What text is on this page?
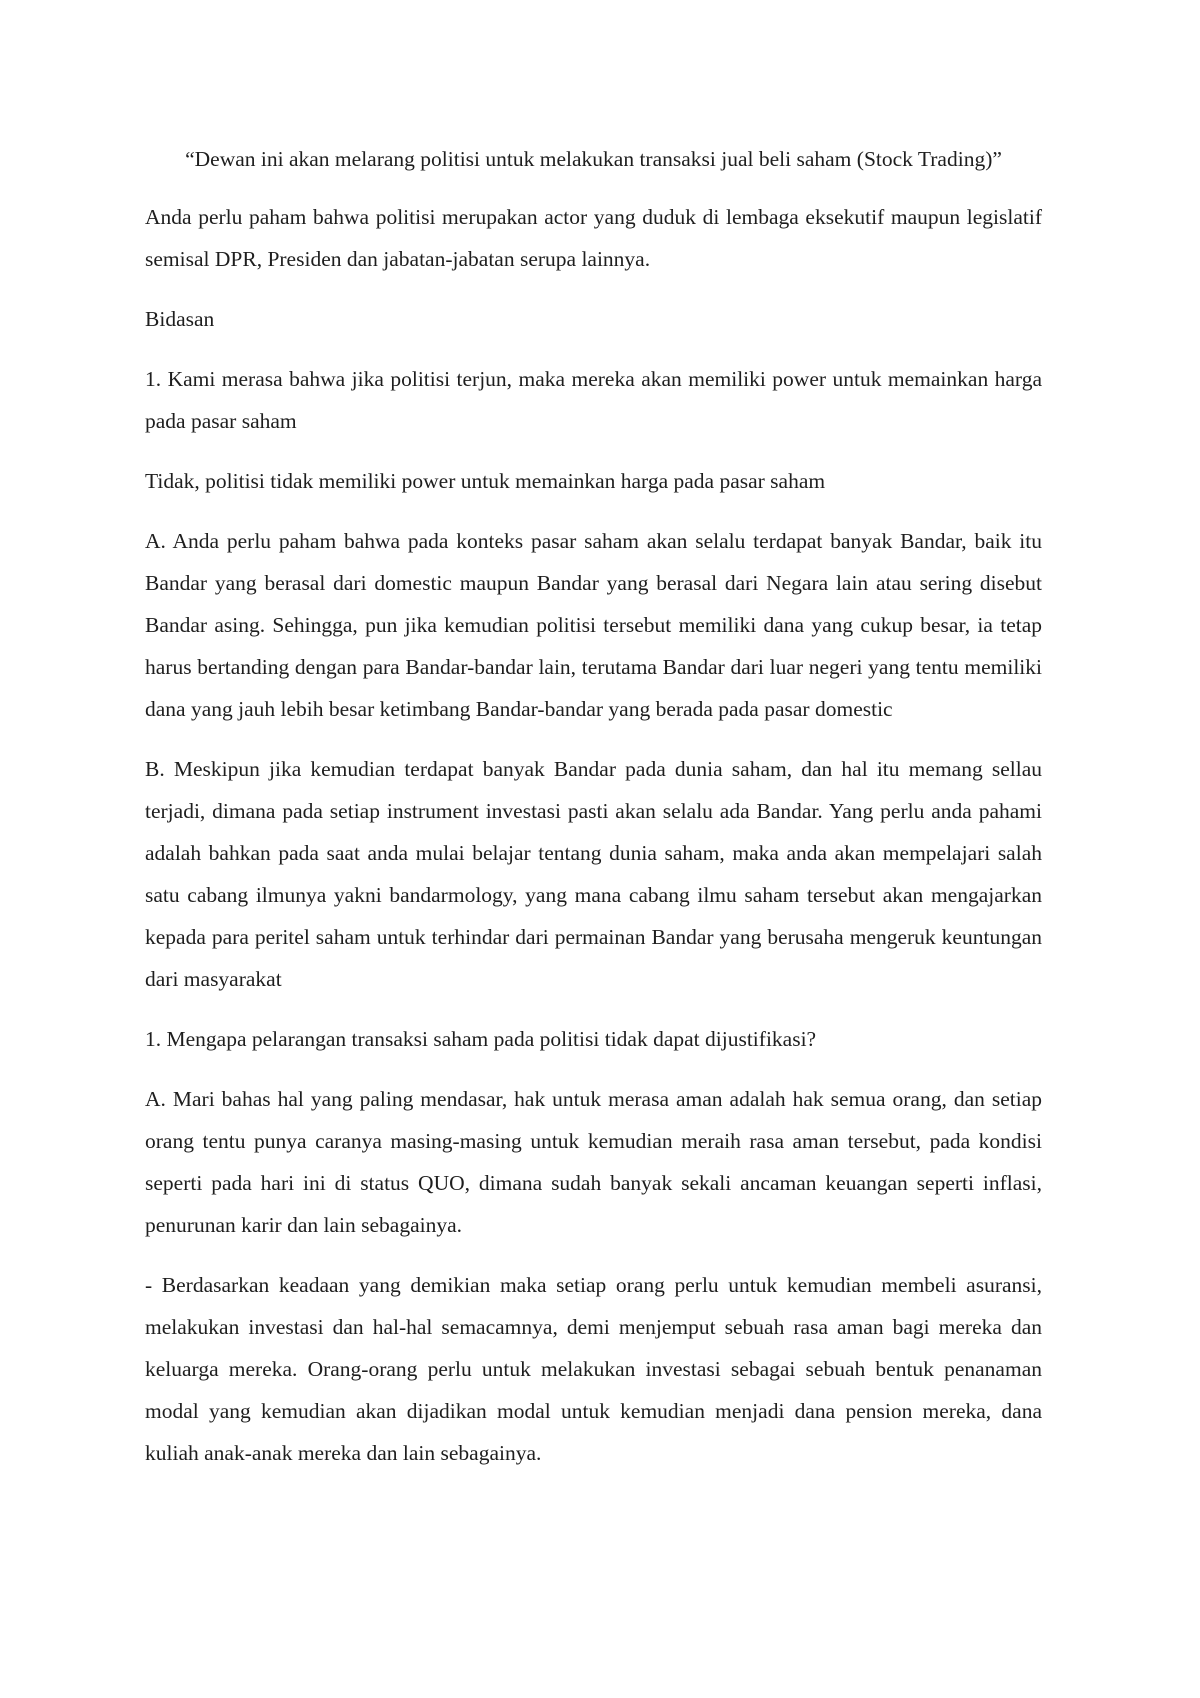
“Dewan ini akan melarang politisi untuk melakukan transaksi jual beli saham (Stock Trading)”

Anda perlu paham bahwa politisi merupakan actor yang duduk di lembaga eksekutif maupun legislatif semisal DPR, Presiden dan jabatan-jabatan serupa lainnya.

Bidasan

1. Kami merasa bahwa jika politisi terjun, maka mereka akan memiliki power untuk memainkan harga pada pasar saham

Tidak, politisi tidak memiliki power untuk memainkan harga pada pasar saham

A. Anda perlu paham bahwa pada konteks pasar saham akan selalu terdapat banyak Bandar, baik itu Bandar yang berasal dari domestic maupun Bandar yang berasal dari Negara lain atau sering disebut Bandar asing. Sehingga, pun jika kemudian politisi tersebut memiliki dana yang cukup besar, ia tetap harus bertanding dengan para Bandar-bandar lain, terutama Bandar dari luar negeri yang tentu memiliki dana yang jauh lebih besar ketimbang Bandar-bandar yang berada pada pasar domestic

B. Meskipun jika kemudian terdapat banyak Bandar pada dunia saham, dan hal itu memang sellau terjadi, dimana pada setiap instrument investasi pasti akan selalu ada Bandar. Yang perlu anda pahami adalah bahkan pada saat anda mulai belajar tentang dunia saham, maka anda akan mempelajari salah satu cabang ilmunya yakni bandarmology, yang mana cabang ilmu saham tersebut akan mengajarkan kepada para peritel saham untuk terhindar dari permainan Bandar yang berusaha mengeruk keuntungan dari masyarakat

1. Mengapa pelarangan transaksi saham pada politisi tidak dapat dijustifikasi?

A. Mari bahas hal yang paling mendasar, hak untuk merasa aman adalah hak semua orang, dan setiap orang tentu punya caranya masing-masing untuk kemudian meraih rasa aman tersebut, pada kondisi seperti pada hari ini di status QUO, dimana sudah banyak sekali ancaman keuangan seperti inflasi, penurunan karir dan lain sebagainya.

- Berdasarkan keadaan yang demikian maka setiap orang perlu untuk kemudian membeli asuransi, melakukan investasi dan hal-hal semacamnya, demi menjemput sebuah rasa aman bagi mereka dan keluarga mereka. Orang-orang perlu untuk melakukan investasi sebagai sebuah bentuk penanaman modal yang kemudian akan dijadikan modal untuk kemudian menjadi dana pension mereka, dana kuliah anak-anak mereka dan lain sebagainya.
